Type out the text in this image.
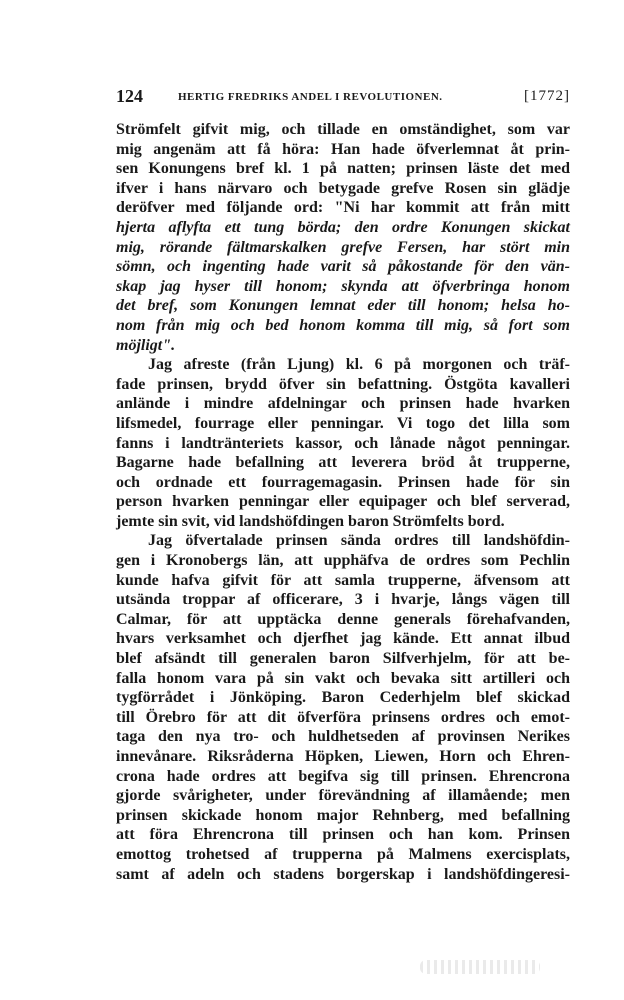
124	HERTIG FREDRIKS ANDEL I REVOLUTIONEN.	[1772]
Strömfelt gifvit mig, och tillade en omständighet, som var
mig angenäm att få höra: Han hade öfverlemnat åt prin-
sen Konungens bref kl. 1 på natten; prinsen läste det med
ifver i hans närvaro och betygade grefve Rosen sin glädje
deröfver med följande ord: "Ni har kommit att från mitt
hjerta aflyfta ett tung börda; den ordre Konungen skickat
mig, rörande fältmarskalken grefve Fersen, har stört min
sömn, och ingenting hade varit så påkostande för den vän-
skap jag hyser till honom; skynda att öfverbringa honom
det bref, som Konungen lemnat eder till honom; helsa ho-
nom från mig och bed honom komma till mig, så fort som
möjligt".
Jag afreste (från Ljung) kl. 6 på morgonen och träf-
fade prinsen, brydd öfver sin befattning. Östgöta kavalleri
anlände i mindre afdelningar och prinsen hade hvarken
lifsmedel, fourrage eller penningar. Vi togo det lilla som
fanns i landtränteriets kassor, och lånade något penningar.
Bagarne hade befallning att leverera bröd åt trupperne,
och ordnade ett fourragemagasin. Prinsen hade för sin
person hvarken penningar eller equipager och blef serverad,
jemte sin svit, vid landshöfdingen baron Strömfelts bord.
Jag öfvertalade prinsen sända ordres till landshöfdin-
gen i Kronobergs län, att upphäfva de ordres som Pechlin
kunde hafva gifvit för att samla trupperne, äfvensom att
utsända troppar af officerare, 3 i hvarje, långs vägen till
Calmar, för att upptäcka denne generals förehafvanden,
hvars verksamhet och djerfhet jag kände. Ett annat ilbud
blef afsändt till generalen baron Silfverhjelm, för att be-
falla honom vara på sin vakt och bevaka sitt artilleri och
tygförrådet i Jönköping. Baron Cederhjelm blef skickad
till Örebro för att dit öfverföra prinsens ordres och emot-
taga den nya tro- och huldhetseden af provinsen Nerikes
innevånare. Riksråderna Höpken, Liewen, Horn och Ehren-
crona hade ordres att begifva sig till prinsen. Ehrencrona
gjorde svårigheter, under förevändning af illamående; men
prinsen skickade honom major Rehnberg, med befallning
att föra Ehrencrona till prinsen och han kom. Prinsen
emottog trohetsed af trupperna på Malmens exercisplats,
samt af adeln och stadens borgerskap i landshöfdingeresi-
